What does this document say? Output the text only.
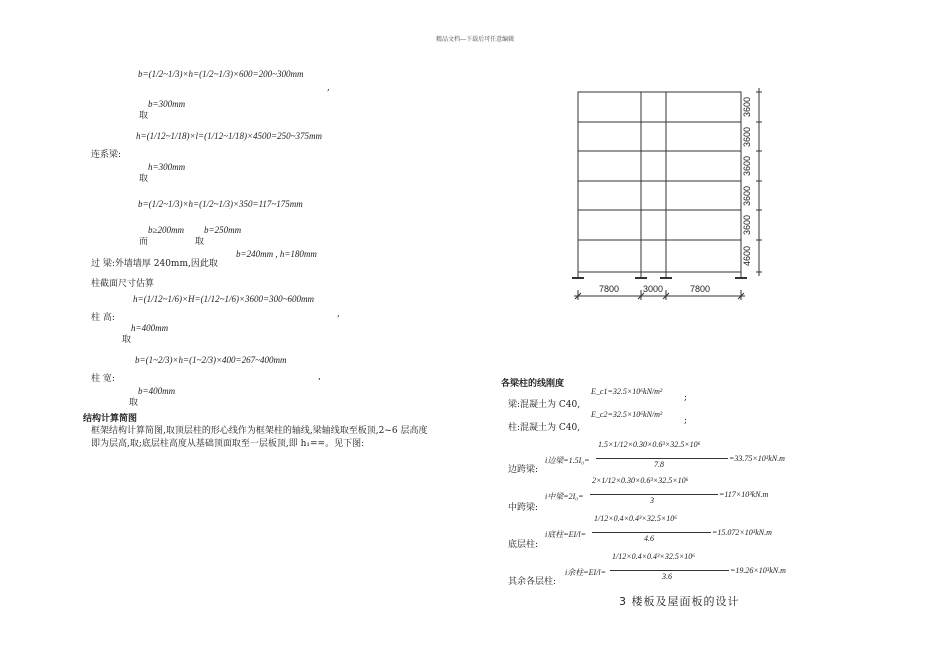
精品文档---下载后可任意编辑
b=(1/2~1/3)×h=(1/2~1/3)×600=200~300mm
,
b=300mm
取
h=(1/12~1/18)×l=(1/12~1/18)×4500=250~375mm
连系梁:
h=300mm
取
b=(1/2~1/3)×h=(1/2~1/3)×350=117~175mm
b≥200mm
而
b=250mm
取
过 梁:外墙墙厚 240mm,因此取
b=240mm , h=180mm
柱截面尺寸估算
h=(1/12~1/6)×H=(1/12~1/6)×3600=300~600mm
柱 高:	,
h=400mm
取
b=(1~2/3)×h=(1~2/3)×400=267~400mm
柱 宽:	,
b=400mm
取
结构计算简图
框架结构计算简图,取顶层柱的形心线作为框架柱的轴线,梁轴线取至板顶,2~6 层高度
即为层高,取;底层柱高度从基础顶面取至一层板顶,即 h₁==。见下图:
3600
3600
3600
3600
3600
4600
7800	3000	7800
各梁柱的线刚度
梁:混凝土为 C40,
E_c1=32.5×10⁶kN/m²
;
柱:混凝土为 C40,
E_c2=32.5×10⁶kN/m²
;
边跨梁:
i边梁=1.5I₀=
1.5×1/12×0.30×0.6³×32.5×10⁶
7.8
=33.75×10³kN.m
中跨梁:
i中梁=2I₀=
2×1/12×0.30×0.6³×32.5×10⁶
3
=117×10³kN.m
底层柱:
i底柱=EI/l=
1/12×0.4×0.4³×32.5×10⁶
4.6
=15.072×10³kN.m
其余各层柱:
i余柱=EI/l=
1/12×0.4×0.4³×32.5×10⁶
3.6
=19.26×10³kN.m
3 楼板及屋面板的设计
